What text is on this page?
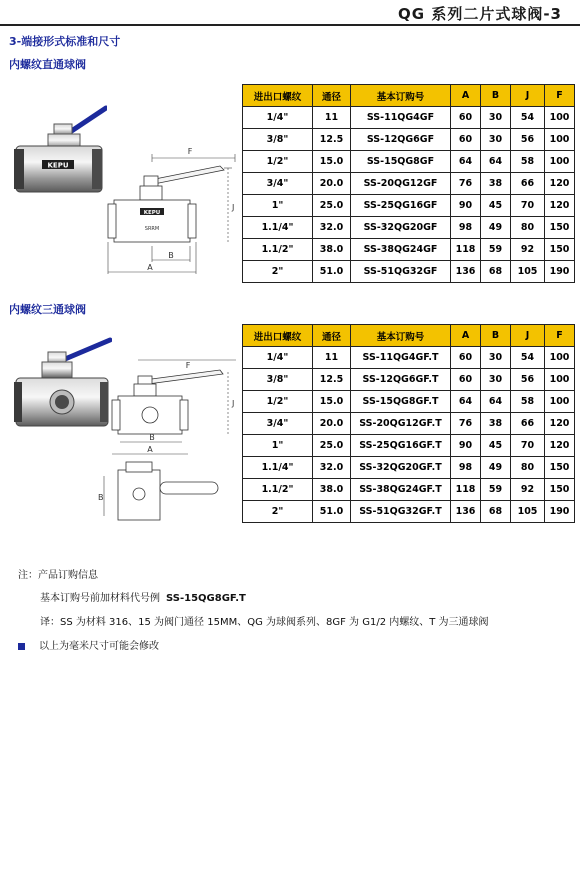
QG 系列二片式球阀-3
3-端接形式标准和尺寸
内螺纹直通球阀
KEPU
F
KEPU
SRRM
J
B
A
进出口螺纹	通径	基本订购号	A	B	J	F
1/4"	11	SS-11QG4GF	60	30	54	100
3/8"	12.5	SS-12QG6GF	60	30	56	100
1/2"	15.0	SS-15QG8GF	64	64	58	100
3/4"	20.0	SS-20QG12GF	76	38	66	120
1"	25.0	SS-25QG16GF	90	45	70	120
1.1/4"	32.0	SS-32QG20GF	98	49	80	150
1.1/2"	38.0	SS-38QG24GF	118	59	92	150
2"	51.0	SS-51QG32GF	136	68	105	190
内螺纹三通球阀
F
J
B
A
B
进出口螺纹	通径	基本订购号	A	B	J	F
1/4"	11	SS-11QG4GF.T	60	30	54	100
3/8"	12.5	SS-12QG6GF.T	60	30	56	100
1/2"	15.0	SS-15QG8GF.T	64	64	58	100
3/4"	20.0	SS-20QG12GF.T	76	38	66	120
1"	25.0	SS-25QG16GF.T	90	45	70	120
1.1/4"	32.0	SS-32QG20GF.T	98	49	80	150
1.1/2"	38.0	SS-38QG24GF.T	118	59	92	150
2"	51.0	SS-51QG32GF.T	136	68	105	190
注：产品订购信息
基本订购号前加材料代号例 SS-15QG8GF.T
译：SS 为材料 316、15 为阀门通径 15MM、QG 为球阀系列、8GF 为 G1/2 内螺纹、T 为三通球阀
以上为毫米尺寸可能会修改
